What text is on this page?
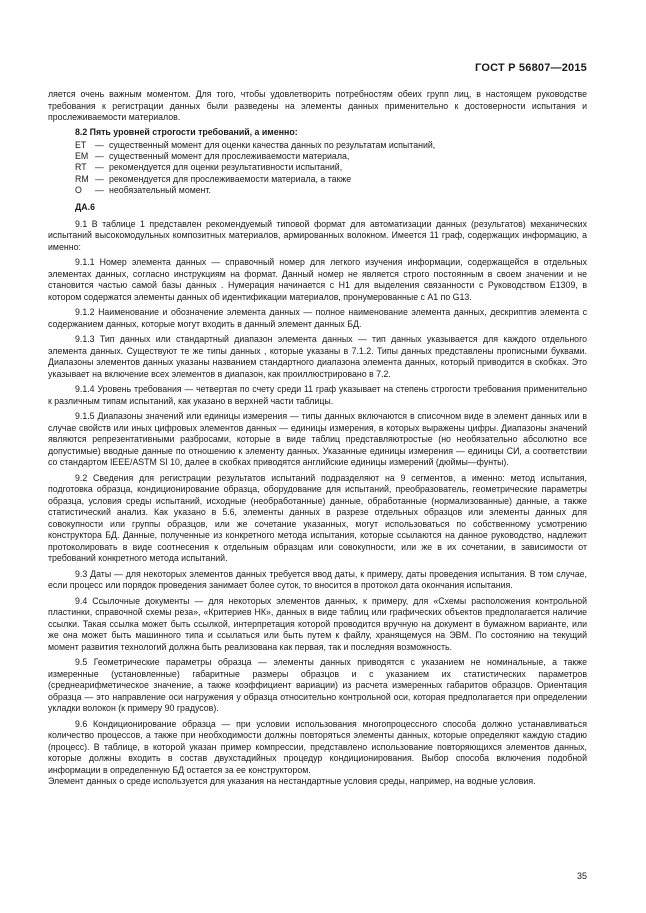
ГОСТ Р 56807—2015

ляется очень важным моментом. Для того, чтобы удовлетворить потребностям обеих групп лиц, в настоящем руководстве требования к регистрации данных были разведены на элементы данных применительно к достоверности испытания и прослеживаемости материалов.

8.2 Пять уровней строгости требований, а именно:

ET — существенный момент для оценки качества данных по результатам испытаний,
EM — существенный момент для прослеживаемости материала,
RT — рекомендуется для оценки результативности испытаний,
RM — рекомендуется для прослеживаемости материала, а также
O	— необязательный момент.

ДА.6

9.1 В таблице 1 представлен рекомендуемый типовой формат для автоматизации данных (результатов) механических испытаний высокомодульных композитных материалов, армированных волокном. Имеется 11 граф, содержащих информацию, а именно:

9.1.1 Номер элемента данных — справочный номер для легкого изучения информации, содержащейся в отдельных элементах данных, согласно инструкциям на формат. Данный номер не является строго постоянным в своем значении и не становится частью самой базы данных . Нумерация начинается с H1 для выделения связанности с Руководством E1309, в котором содержатся элементы данных об идентификации материалов, пронумерованные с A1 по G13.

9.1.2 Наименование и обозначение элемента данных — полное наименование элемента данных, дескриптив элемента с содержанием данных, которые могут входить в данный элемент данных БД.

9.1.3 Тип данных или стандартный диапазон элемента данных — тип данных указывается для каждого отдельного элемента данных. Существуют те же типы данных , которые указаны в 7.1.2. Типы данных представлены прописными буквами. Диапазоны элементов данных указаны названием стандартного диапазона элемента данных, который приводится в скобках. Это указывает на включение всех элементов в диапазон, как проиллюстрировано в 7.2.

9.1.4 Уровень требования — четвертая по счету среди 11 граф указывает на степень строгости требования применительно к различным типам испытаний, как указано в верхней части таблицы.

9.1.5 Диапазоны значений или единицы измерения — типы данных включаются в списочном виде в элемент данных или в случае свойств или иных цифровых элементов данных — единицы измерения, в которых выражены цифры. Диапазоны значений являются репрезентативными разбросами, которые в виде таблиц представляютростые (но необязательно абсолютно все допустимые) вводные данные по отношению к элементу данных. Указанные единицы измерения — единицы СИ, а соответствии со стандартом IEEE/ASTM SI 10, далее в скобках приводятся английские единицы измерений (дюймы—фунты).

9.2 Сведения для регистрации результатов испытаний подразделяют на 9 сегментов, а именно: метод испытания, подготовка образца, кондиционирование образца, оборудование для испытаний, преобразователь, геометрические параметры образца, условия среды испытаний, исходные (необработанные) данные, обработанные (нормализованные) данные, а также статистический анализ. Как указано в 5.6, элементы данных в разрезе отдельных образцов или элементы данных для совокупности или группы образцов, или же сочетание указанных, могут использоваться по собственному усмотрению конструктора БД. Данные, полученные из конкретного метода испытания, которые ссылаются на данное руководство, надлежит протоколировать в виде соотнесения к отдельным образцам или совокупности, или же в их сочетании, в зависимости от требований конкретного метода испытаний.

9.3 Даты — для некоторых элементов данных требуется ввод даты, к примеру, даты проведения испытания. В том случае, если процесс или порядок проведения занимает более суток, то вносится в протокол дата окончания испытания.

9.4 Ссылочные документы — для некоторых элементов данных, к примеру, для «Схемы расположения контрольной пластинки, справочной схемы реза», «Критериев НК», данных в виде таблиц или графических объектов предполагается наличие ссылки. Такая ссылка может быть ссылкой, интерпретация которой проводится вручную на документ в бумажном варианте, или же она может быть машинного типа и ссылаться или быть путем к файлу, хранящемуся на ЭВМ. По состоянию на текущий момент развития технологий должна быть реализована как первая, так и последняя возможность.

9.5 Геометрические параметры образца — элементы данных приводятся с указанием не номинальные, а также измеренные (установленные) габаритные размеры образцов и с указанием их статистических параметров (среднеарифметическое значение, а также коэффициент вариации) из расчета измеренных габаритов образцов. Ориентация образца — это направление оси нагружения у образца относительно контрольной оси, которая предполагается при определении укладки волокон (к примеру 90 градусов).

9.6 Кондиционирование образца — при условии использования многопроцессного способа должно устанавливаться количество процессов, а также при необходимости должны повторяться элементы данных, которые определяют каждую стадию (процесс). В таблице, в которой указан пример компрессии, представлено использование повторяющихся элементов данных, которые должны входить в состав двухстадийных процедур кондиционирования. Выбор способа включения подобной информации в определенную БД остается за ее конструктором.

Элемент данных о среде используется для указания на нестандартные условия среды, например, на водные условия.

35
